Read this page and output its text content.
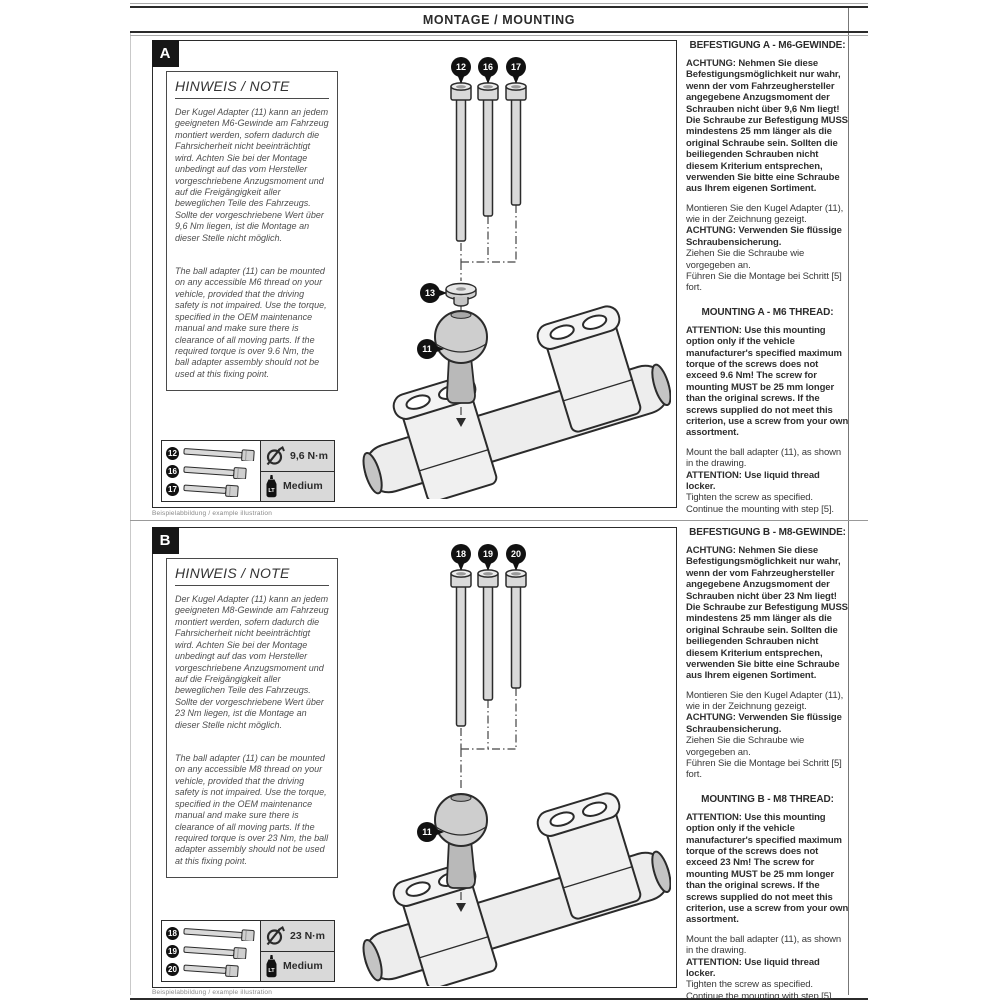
MONTAGE / MOUNTING
A
HINWEIS / NOTE

Der Kugel Adapter (11) kann an jedem geeigneten M6-Gewinde am Fahrzeug montiert werden, sofern dadurch die Fahrsicherheit nicht beeinträchtigt wird. Achten Sie bei der Montage unbedingt auf das vom Hersteller vorgeschriebene Anzugsmoment und auf die Freigängigkeit aller beweglichen Teile des Fahrzeugs. Sollte der vorgeschriebene Wert über 9,6 Nm liegen, ist die Montage an dieser Stelle nicht möglich.

The ball adapter (11) can be mounted on any accessible M6 thread on your vehicle, provided that the driving safety is not impaired. Use the torque, specified in the OEM maintenance manual and make sure there is clearance of all moving parts. If the required torque is over 9.6 Nm, the ball adapter assembly should not be used at this fixing point.

12 16 17
13
11
12
16
17
9,6 N·m
LT Medium
Beispielabbildung / example illustration
BEFESTIGUNG A - M6-GEWINDE:

ACHTUNG: Nehmen Sie diese Befestigungsmöglichkeit nur wahr, wenn der vom Fahrzeughersteller angegebene Anzugsmoment der Schrauben nicht über 9,6 Nm liegt! Die Schraube zur Befestigung MUSS mindestens 25 mm länger als die original Schraube sein. Sollten die beiliegenden Schrauben nicht diesem Kriterium entsprechen, verwenden Sie bitte eine Schraube aus Ihrem eigenen Sortiment.

Montieren Sie den Kugel Adapter (11), wie in der Zeichnung gezeigt.
ACHTUNG: Verwenden Sie flüssige Schraubensicherung.
Ziehen Sie die Schraube wie vorgegeben an.
Führen Sie die Montage bei Schritt [5] fort.

MOUNTING A - M6 THREAD:

ATTENTION: Use this mounting option only if the vehicle manufacturer's specified maximum torque of the screws does not exceed 9.6 Nm! The screw for mounting MUST be 25 mm longer than the original screws. If the screws supplied do not meet this criterion, use a screw from your own assortment.

Mount the ball adapter (11), as shown in the drawing.
ATTENTION: Use liquid thread locker.
Tighten the screw as specified.
Continue the mounting with step [5].

B
HINWEIS / NOTE

Der Kugel Adapter (11) kann an jedem geeigneten M8-Gewinde am Fahrzeug montiert werden, sofern dadurch die Fahrsicherheit nicht beeinträchtigt wird. Achten Sie bei der Montage unbedingt auf das vom Hersteller vorgeschriebene Anzugsmoment und auf die Freigängigkeit aller beweglichen Teile des Fahrzeugs. Sollte der vorgeschriebene Wert über 23 Nm liegen, ist die Montage an dieser Stelle nicht möglich.

The ball adapter (11) can be mounted on any accessible M8 thread on your vehicle, provided that the driving safety is not impaired. Use the torque, specified in the OEM maintenance manual and make sure there is clearance of all moving parts. If the required torque is over 23 Nm, the ball adapter assembly should not be used at this fixing point.

18 19 20
11
18
19
20
23 N·m
LT Medium
Beispielabbildung / example illustration
BEFESTIGUNG B - M8-GEWINDE:

ACHTUNG: Nehmen Sie diese Befestigungsmöglichkeit nur wahr, wenn der vom Fahrzeughersteller angegebene Anzugsmoment der Schrauben nicht über 23 Nm liegt! Die Schraube zur Befestigung MUSS mindestens 25 mm länger als die original Schraube sein. Sollten die beiliegenden Schrauben nicht diesem Kriterium entsprechen, verwenden Sie bitte eine Schraube aus Ihrem eigenen Sortiment.

Montieren Sie den Kugel Adapter (11), wie in der Zeichnung gezeigt.
ACHTUNG: Verwenden Sie flüssige Schraubensicherung.
Ziehen Sie die Schraube wie vorgegeben an.
Führen Sie die Montage bei Schritt [5] fort.

MOUNTING B - M8 THREAD:

ATTENTION: Use this mounting option only if the vehicle manufacturer's specified maximum torque of the screws does not exceed 23 Nm! The screw for mounting MUST be 25 mm longer than the original screws. If the screws supplied do not meet this criterion, use a screw from your own assortment.

Mount the ball adapter (11), as shown in the drawing.
ATTENTION: Use liquid thread locker.
Tighten the screw as specified.
Continue the mounting with step [5].
